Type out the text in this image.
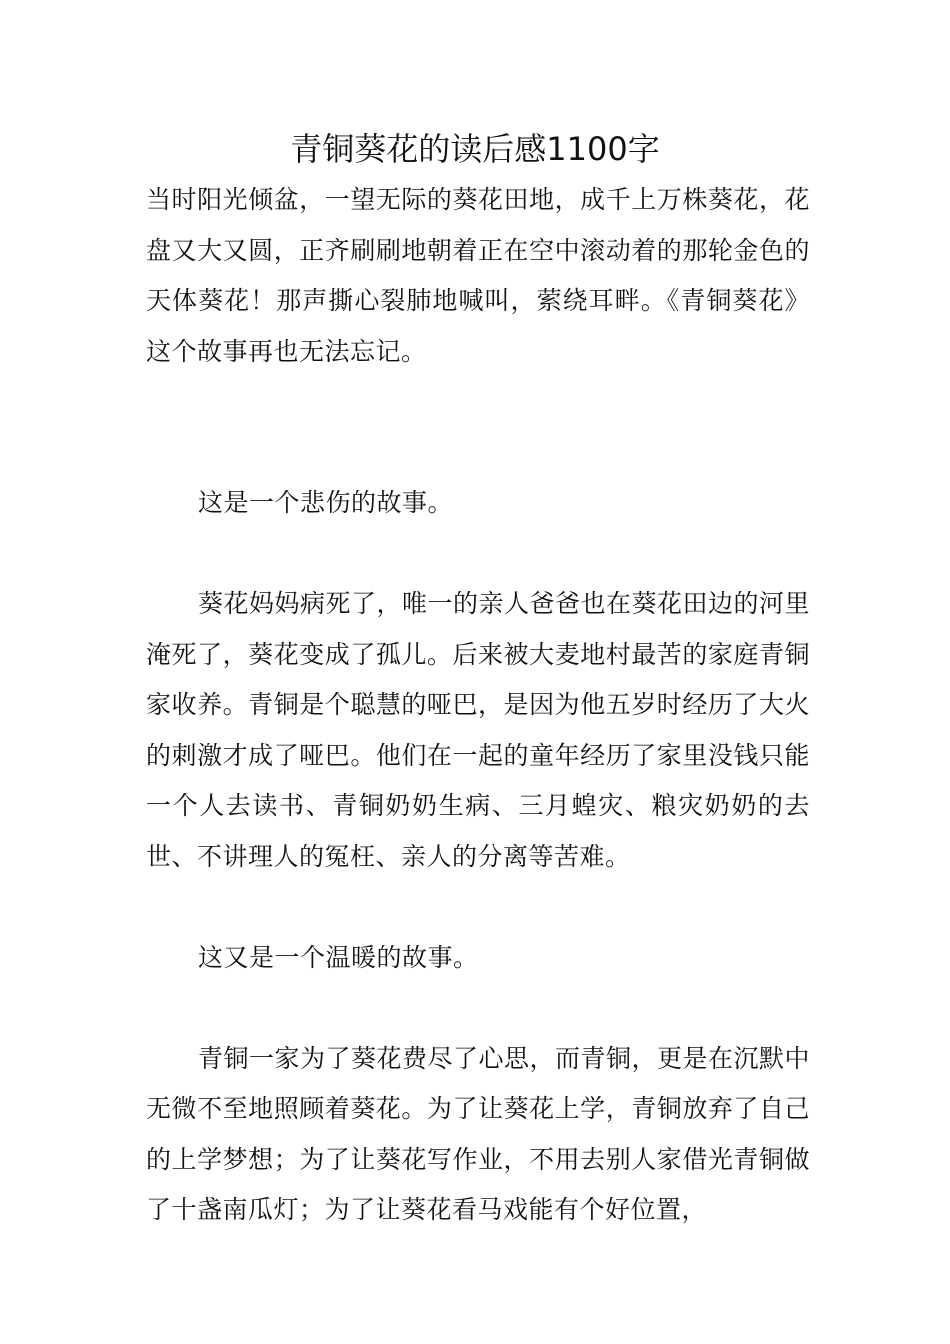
青铜葵花的读后感1100字

当时阳光倾盆，一望无际的葵花田地，成千上万株葵花，花盘又大又圆，正齐刷刷地朝着正在空中滚动着的那轮金色的天体葵花！那声撕心裂肺地喊叫，萦绕耳畔。《青铜葵花》这个故事再也无法忘记。

这是一个悲伤的故事。

葵花妈妈病死了，唯一的亲人爸爸也在葵花田边的河里淹死了，葵花变成了孤儿。后来被大麦地村最苦的家庭青铜家收养。青铜是个聪慧的哑巴，是因为他五岁时经历了大火的刺激才成了哑巴。他们在一起的童年经历了家里没钱只能一个人去读书、青铜奶奶生病、三月蝗灾、粮灾奶奶的去世、不讲理人的冤枉、亲人的分离等苦难。

这又是一个温暖的故事。

青铜一家为了葵花费尽了心思，而青铜，更是在沉默中无微不至地照顾着葵花。为了让葵花上学，青铜放弃了自己的上学梦想；为了让葵花写作业，不用去别人家借光青铜做了十盏南瓜灯；为了让葵花看马戏能有个好位置，
